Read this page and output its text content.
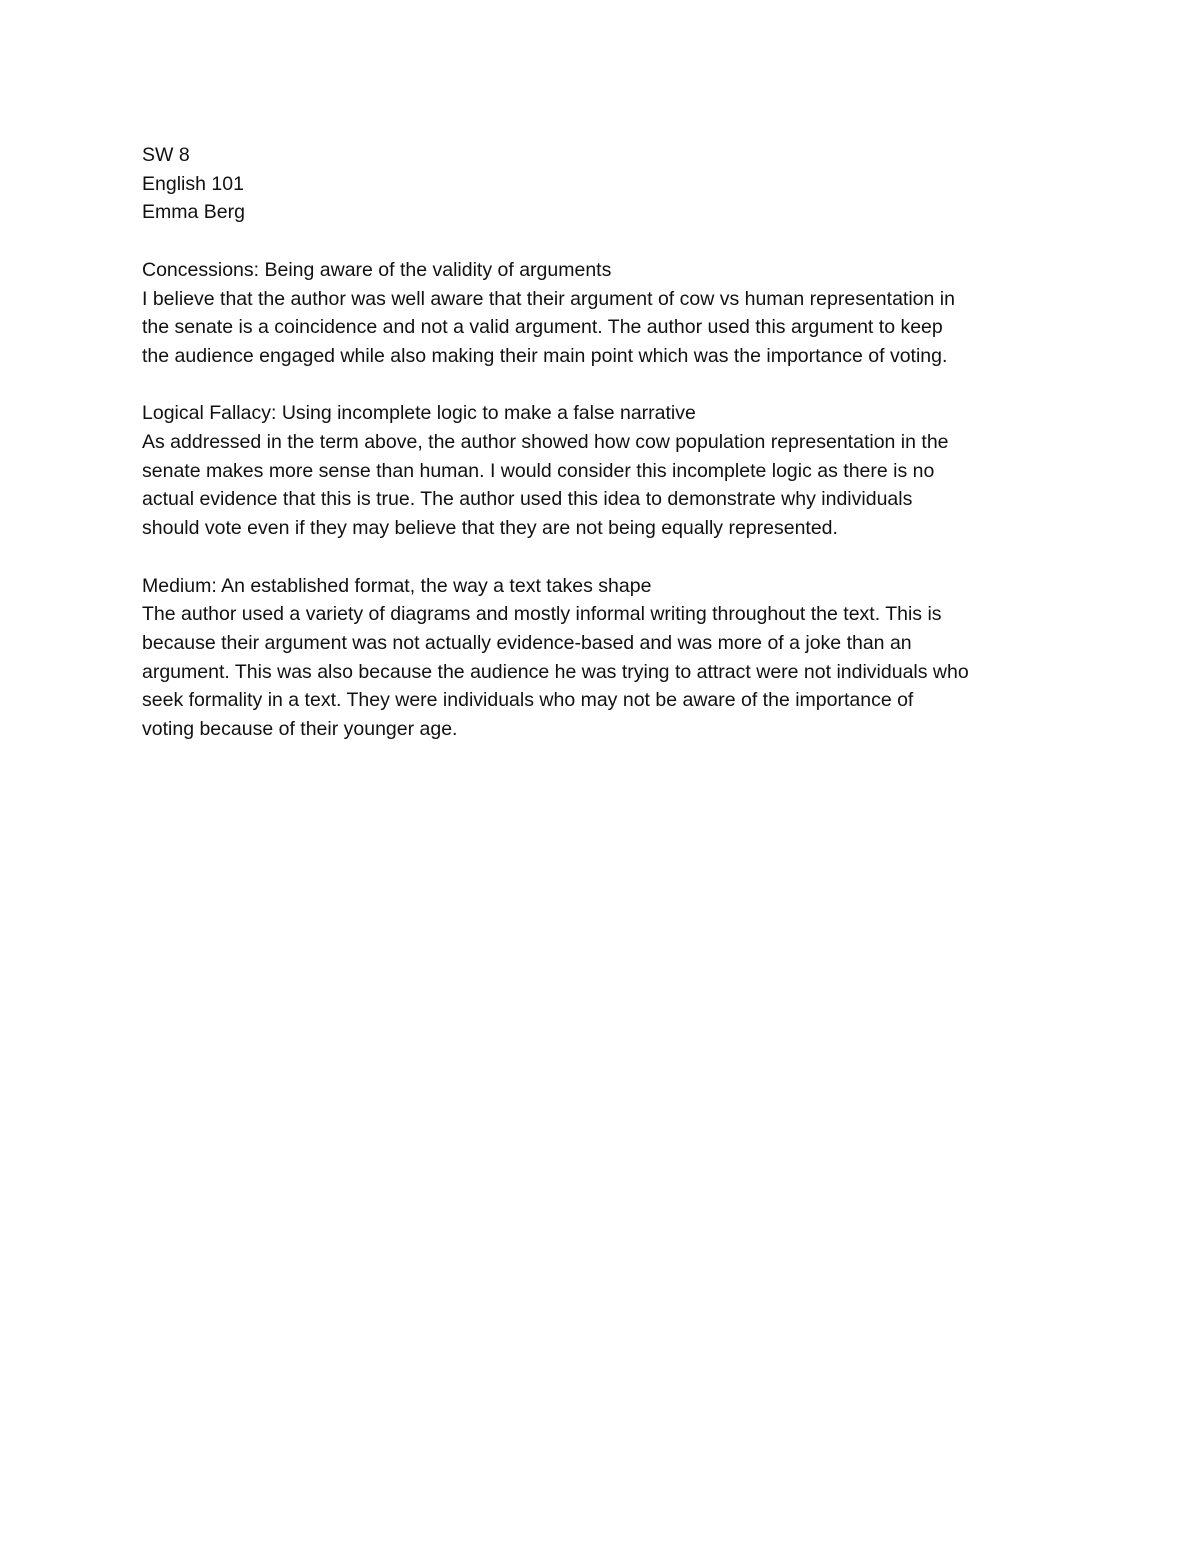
SW 8
English 101
Emma Berg
Concessions: Being aware of the validity of arguments
I believe that the author was well aware that their argument of cow vs human representation in
the senate is a coincidence and not a valid argument. The author used this argument to keep
the audience engaged while also making their main point which was the importance of voting.
Logical Fallacy: Using incomplete logic to make a false narrative
As addressed in the term above, the author showed how cow population representation in the
senate makes more sense than human. I would consider this incomplete logic as there is no
actual evidence that this is true. The author used this idea to demonstrate why individuals
should vote even if they may believe that they are not being equally represented.
Medium: An established format, the way a text takes shape
The author used a variety of diagrams and mostly informal writing throughout the text. This is
because their argument was not actually evidence-based and was more of a joke than an
argument. This was also because the audience he was trying to attract were not individuals who
seek formality in a text. They were individuals who may not be aware of the importance of
voting because of their younger age.
